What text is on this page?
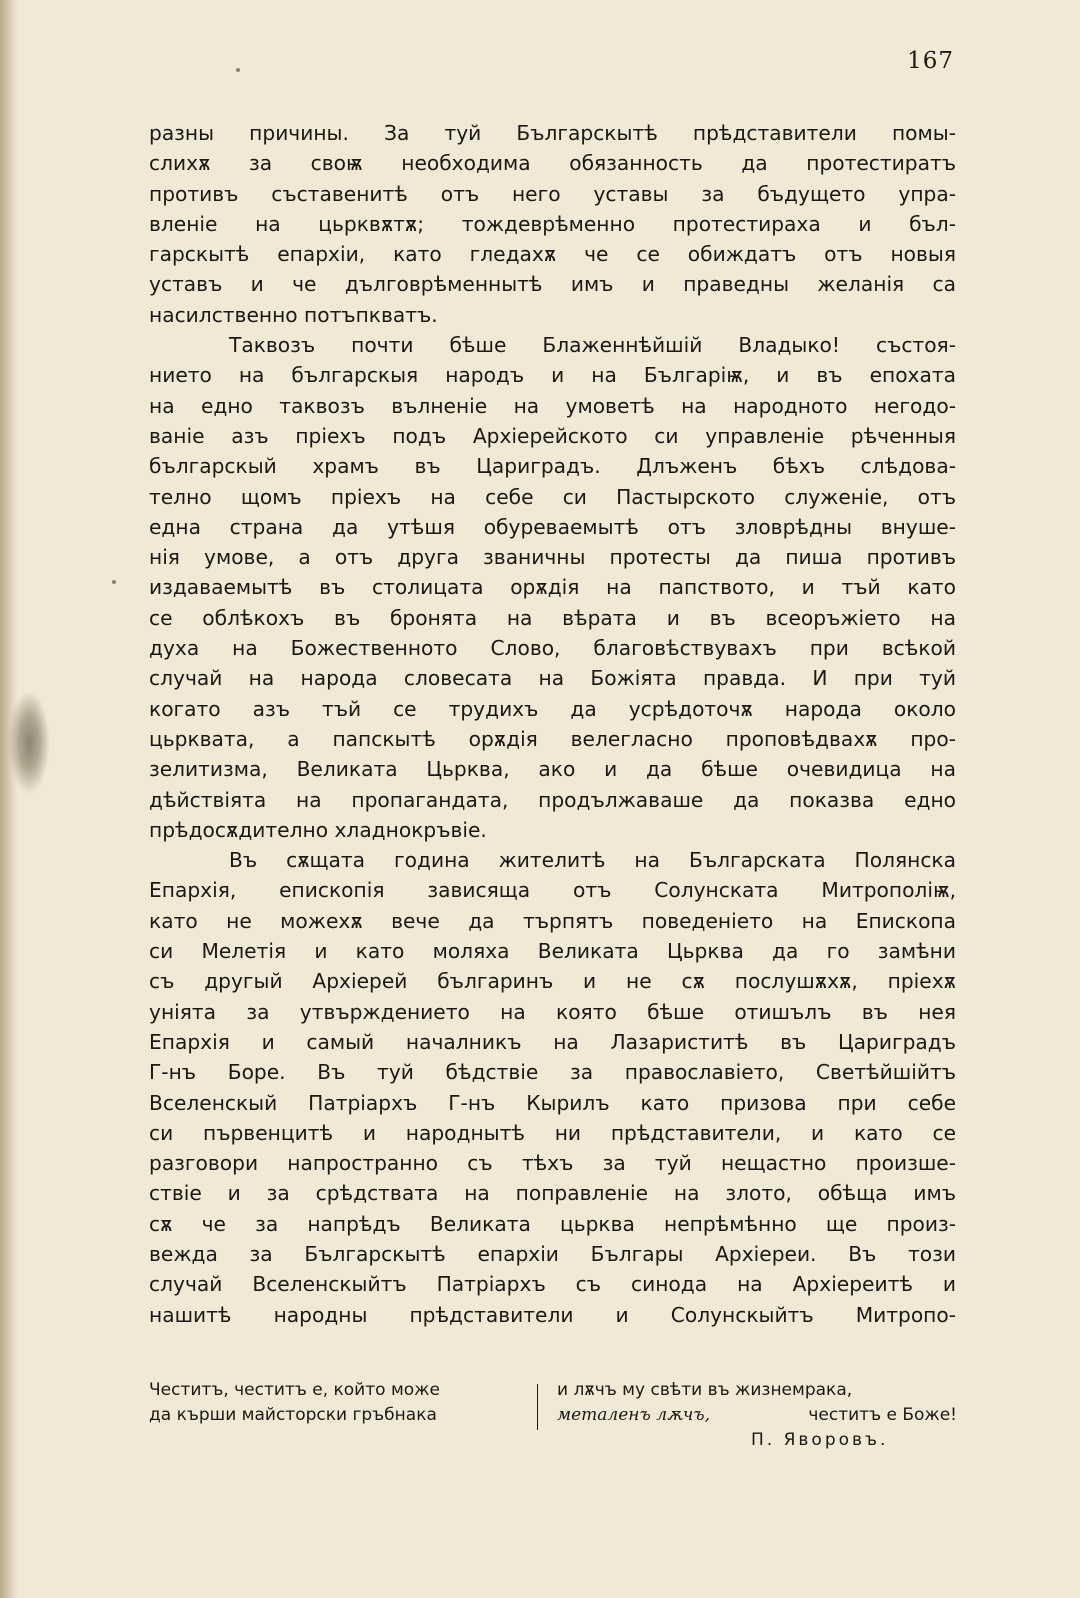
167
разны причины. За туй Българскытѣ прѣдставители помы-
слихѫ за своѭ необходима обязанность да протестиратъ
противъ съставенитѣ отъ него уставы за бъдущето упра-
вленіе на цьрквѫтѫ; тождеврѣменно протестираха и бъл-
гарскытѣ епархіи, като гледахѫ че се обиждатъ отъ новыя
уставъ и че дълговрѣменнытѣ имъ и праведны желанія са
насилственно потъпкватъ.
Таквозъ почти бѣше Блаженнѣйшій Владыко! състоя-
нието на българскыя народъ и на Българіѭ, и въ епохата
на едно таквозъ вълненіе на умоветѣ на народното негодо-
ваніе азъ пріехъ подъ Архіерейското си управленіе рѣченныя
българскый храмъ въ Цариградъ. Длъженъ бѣхъ слѣдова-
телно щомъ пріехъ на себе си Пастырското служеніе, отъ
една страна да утѣшя обуреваемытѣ отъ зловрѣдны внуше-
нія умове, а отъ друга званичны протесты да пиша противъ
издаваемытѣ въ столицата орѫдія на папството, и тъй като
се облѣкохъ въ бронята на вѣрата и въ всеоръжіето на
духа на Божественното Слово, благовѣствувахъ при всѣкой
случай на народа словесата на Божіята правда. И при туй
когато азъ тъй се трудихъ да усрѣдоточѫ народа около
цьрквата, а папскытѣ орѫдія велегласно проповѣдвахѫ про-
зелитизма, Великата Цьрква, ако и да бѣше очевидица на
дѣйствіята на пропагандата, продължаваше да показва едно
прѣдосѫдително хладнокръвіе.
Въ сѫщата година жителитѣ на Българската Полянска
Епархія, епископія зависяща отъ Солунската Митрополіѭ,
като не можехѫ вече да търпятъ поведеніето на Епископа
си Мелетія и като моляха Великата Цьрква да го замѣни
съ другый Архіерей българинъ и не сѫ послушѫхѫ, пріехѫ
уніята за утвърждението на която бѣше отишълъ въ нея
Епархія и самый началникъ на Лазариститѣ въ Цариградъ
Г-нъ Боре. Въ туй бѣдствіе за православіето, Светѣйшійтъ
Вселенскый Патріархъ Г-нъ Кырилъ като призова при себе
си първенцитѣ и народнытѣ ни прѣдставители, и като се
разговори напространно съ тѣхъ за туй нещастно произше-
ствіе и за срѣдствата на поправленіе на злото, обѣща имъ
сѫ че за напрѣдъ Великата цьрква непрѣмѣнно ще произ-
вежда за Българскытѣ епархіи Българы Архіереи. Въ този
случай Вселенскыйтъ Патріархъ съ синода на Архіереитѣ и
нашитѣ народны прѣдставители и Солунскыйтъ Митропо-
Честитъ, честитъ е, който може
да кърши майсторски гръбнака
и лѫчъ му свѣти въ жизнемрака,
металенъ лѫчъ,	честитъ е Боже!
П. Яворовъ.
